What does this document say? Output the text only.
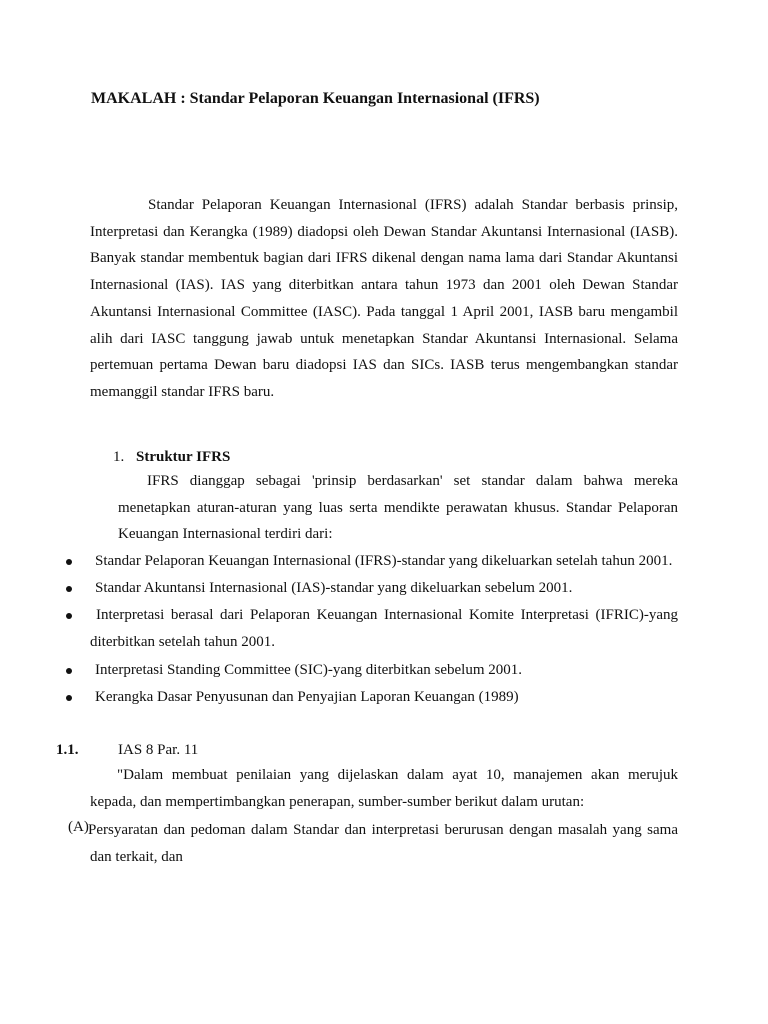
MAKALAH : Standar Pelaporan Keuangan Internasional (IFRS)
Standar Pelaporan Keuangan Internasional (IFRS) adalah Standar berbasis prinsip, Interpretasi dan Kerangka (1989) diadopsi oleh Dewan Standar Akuntansi Internasional (IASB). Banyak standar membentuk bagian dari IFRS dikenal dengan nama lama dari Standar Akuntansi Internasional (IAS). IAS yang diterbitkan antara tahun 1973 dan 2001 oleh Dewan Standar Akuntansi Internasional Committee (IASC). Pada tanggal 1 April 2001, IASB baru mengambil alih dari IASC tanggung jawab untuk menetapkan Standar Akuntansi Internasional. Selama pertemuan pertama Dewan baru diadopsi IAS dan SICs. IASB terus mengembangkan standar memanggil standar IFRS baru.
1. Struktur IFRS
IFRS dianggap sebagai 'prinsip berdasarkan' set standar dalam bahwa mereka menetapkan aturan-aturan yang luas serta mendikte perawatan khusus. Standar Pelaporan Keuangan Internasional terdiri dari:
Standar Pelaporan Keuangan Internasional (IFRS)-standar yang dikeluarkan setelah tahun 2001.
Standar Akuntansi Internasional (IAS)-standar yang dikeluarkan sebelum 2001.
Interpretasi berasal dari Pelaporan Keuangan Internasional Komite Interpretasi (IFRIC)-yang diterbitkan setelah tahun 2001.
Interpretasi Standing Committee (SIC)-yang diterbitkan sebelum 2001.
Kerangka Dasar Penyusunan dan Penyajian Laporan Keuangan (1989)
1.1.	IAS 8 Par. 11
"Dalam membuat penilaian yang dijelaskan dalam ayat 10, manajemen akan merujuk kepada, dan mempertimbangkan penerapan, sumber-sumber berikut dalam urutan:
(A) Persyaratan dan pedoman dalam Standar dan interpretasi berurusan dengan masalah yang sama dan terkait, dan
